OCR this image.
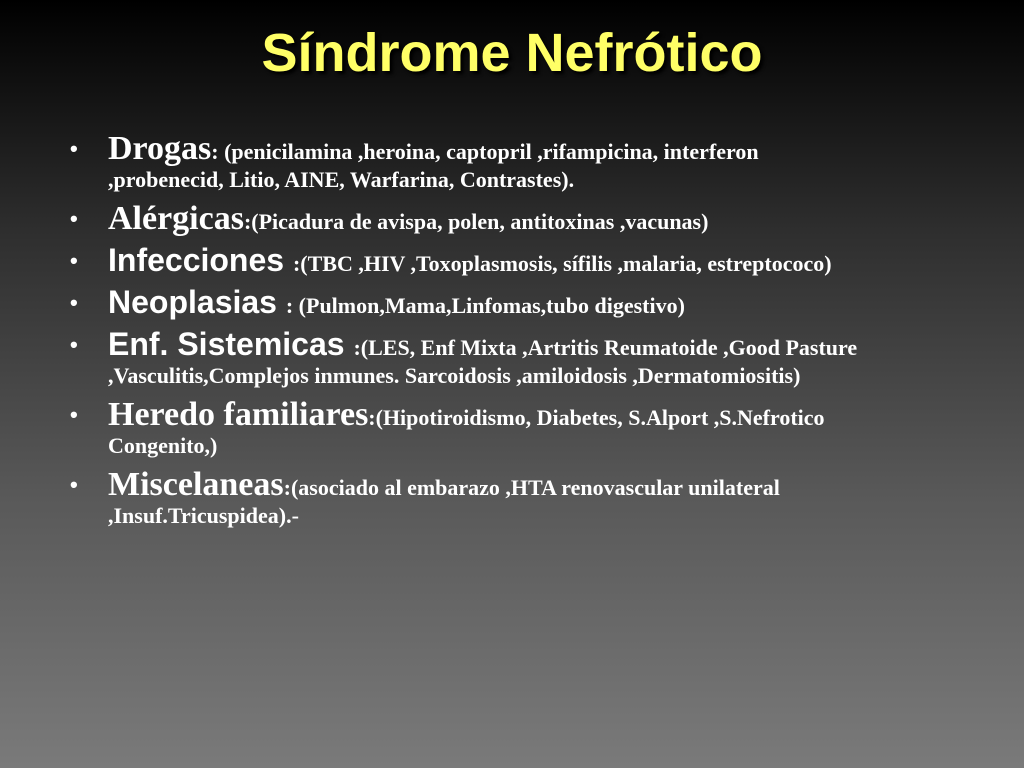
Síndrome Nefrótico
• Drogas: (penicilamina ,heroina, captopril ,rifampicina, interferon ,probenecid, Litio, AINE, Warfarina, Contrastes).
• Alérgicas:(Picadura de avispa, polen, antitoxinas ,vacunas)
• Infecciones :(TBC ,HIV ,Toxoplasmosis, sífilis ,malaria, estreptococo)
• Neoplasias : (Pulmon,Mama,Linfomas,tubo digestivo)
• Enf. Sistemicas :(LES, Enf Mixta ,Artritis Reumatoide ,Good Pasture ,Vasculitis,Complejos inmunes. Sarcoidosis ,amiloidosis ,Dermatomiositis)
• Heredo familiares:(Hipotiroidismo, Diabetes, S.Alport ,S.Nefrotico Congenito,)
• Miscelaneas:(asociado al embarazo ,HTA renovascular unilateral ,Insuf.Tricuspidea).-
